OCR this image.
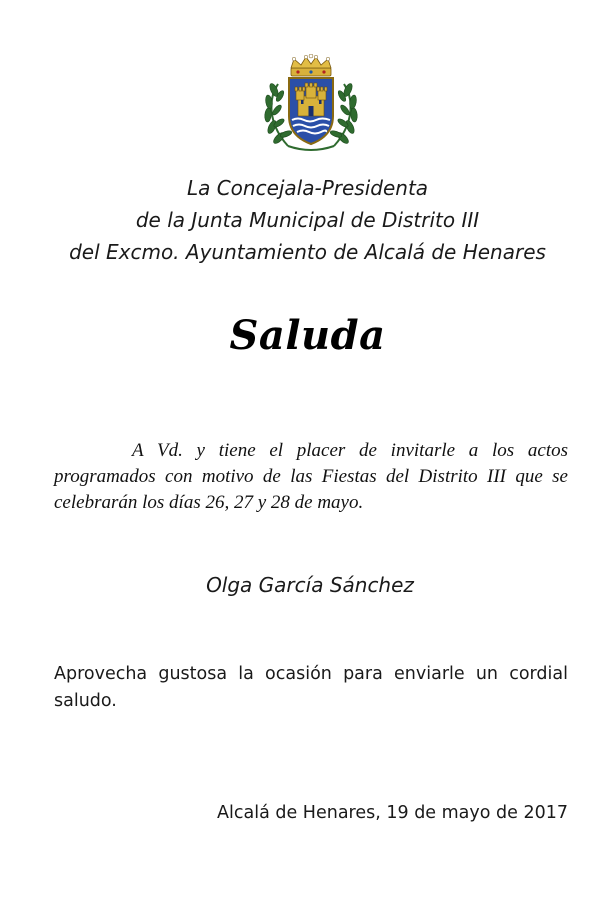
La Concejala-Presidenta
de la Junta Municipal de Distrito III
del Excmo. Ayuntamiento de Alcalá de Henares
Saluda
A Vd. y tiene el placer de invitarle a los actos programados con motivo de las Fiestas del Distrito III que se celebrarán los días 26, 27 y 28 de mayo.
Olga García Sánchez
Aprovecha gustosa la ocasión para enviarle un cordial saludo.
Alcalá de Henares, 19 de mayo de 2017
